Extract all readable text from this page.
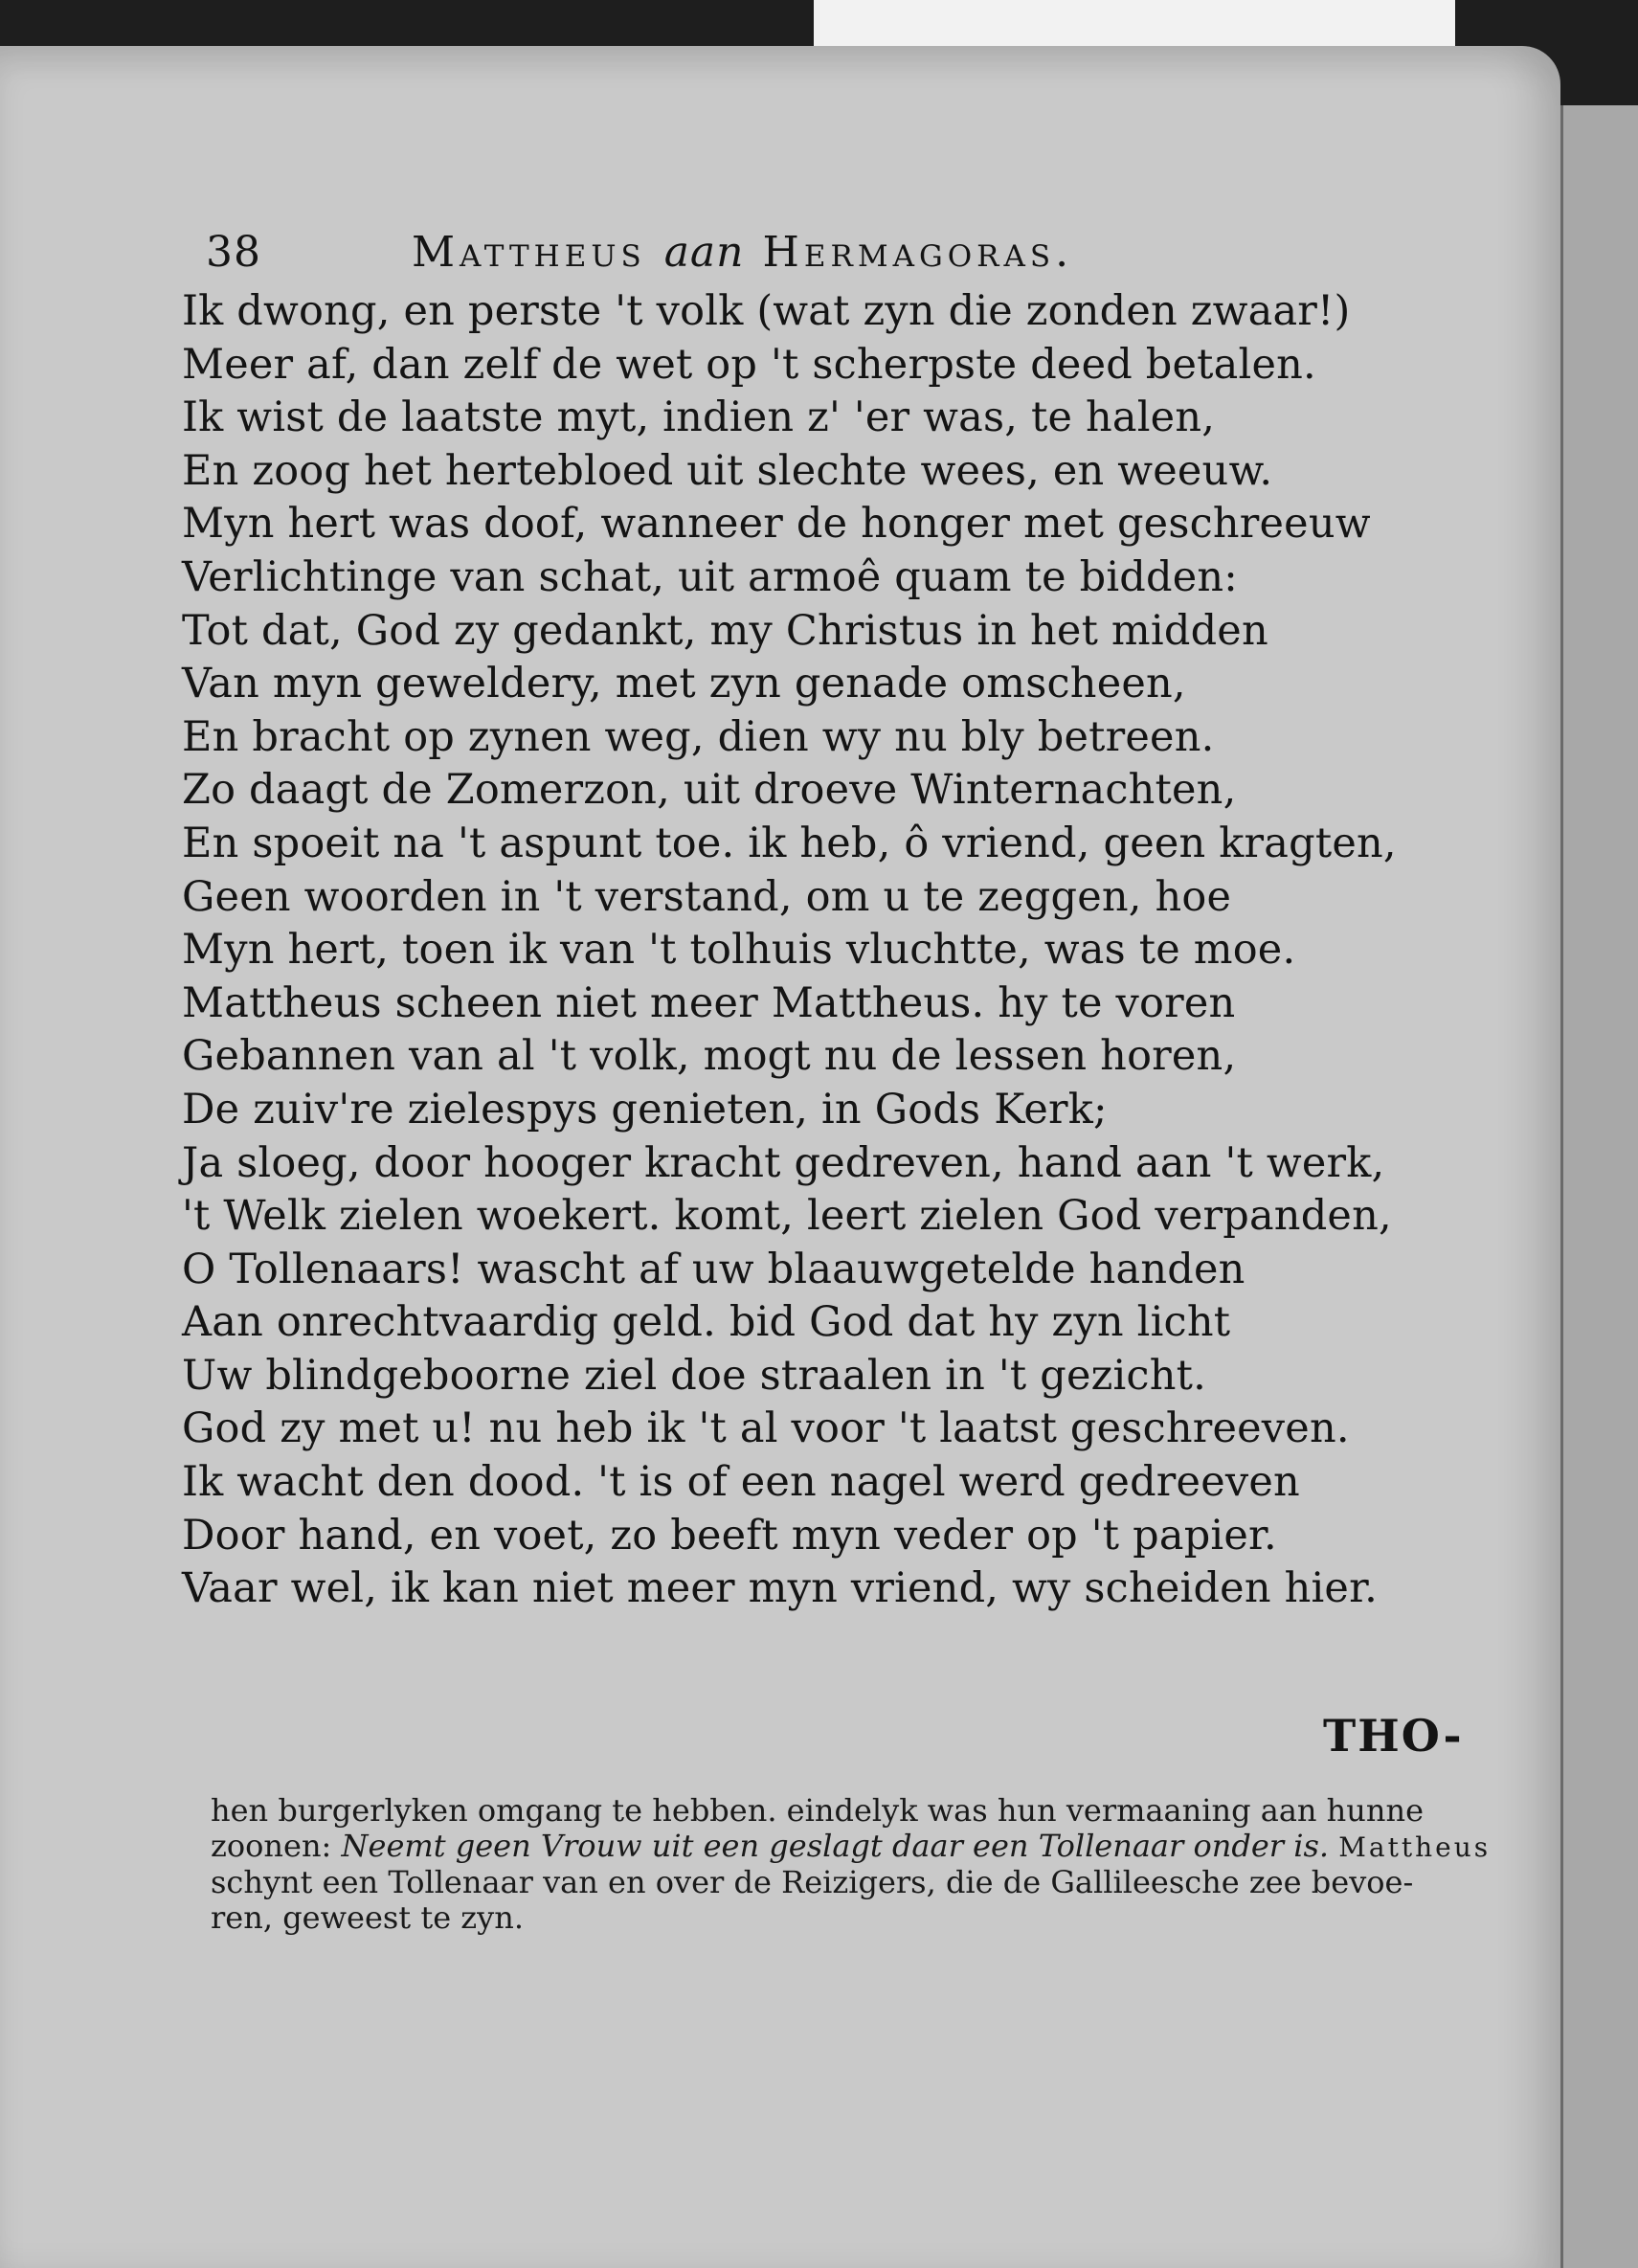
38	Mattheus aan Hermagoras.
Ik dwong, en perste 't volk (wat zyn die zonden zwaar!)
Meer af, dan zelf de wet op 't scherpste deed betalen.
Ik wist de laatste myt, indien z' 'er was, te halen,
En zoog het hertebloed uit slechte wees, en weeuw.
Myn hert was doof, wanneer de honger met geschreeuw
Verlichtinge van schat, uit armoê quam te bidden:
Tot dat, God zy gedankt, my Christus in het midden
Van myn geweldery, met zyn genade omscheen,
En bracht op zynen weg, dien wy nu bly betreen.
Zo daagt de Zomerzon, uit droeve Winternachten,
En spoeit na 't aspunt toe. ik heb, ô vriend, geen kragten,
Geen woorden in 't verstand, om u te zeggen, hoe
Myn hert, toen ik van 't tolhuis vluchtte, was te moe.
Mattheus scheen niet meer Mattheus. hy te voren
Gebannen van al 't volk, mogt nu de lessen horen,
De zuiv're zielespys genieten, in Gods Kerk;
Ja sloeg, door hooger kracht gedreven, hand aan 't werk,
't Welk zielen woekert. komt, leert zielen God verpanden,
O Tollenaars! wascht af uw blaauwgetelde handen
Aan onrechtvaardig geld. bid God dat hy zyn licht
Uw blindgeboorne ziel doe straalen in 't gezicht.
God zy met u! nu heb ik 't al voor 't laatst geschreeven.
Ik wacht den dood. 't is of een nagel werd gedreeven
Door hand, en voet, zo beeft myn veder op 't papier.
Vaar wel, ik kan niet meer myn vriend, wy scheiden hier.
THO-
hen burgerlyken omgang te hebben. eindelyk was hun vermaaning aan hunne
zoonen: Neemt geen Vrouw uit een geslagt daar een Tollenaar onder is. Mattheus
schynt een Tollenaar van en over de Reizigers, die de Gallileesche zee bevoe-
ren, geweest te zyn.
